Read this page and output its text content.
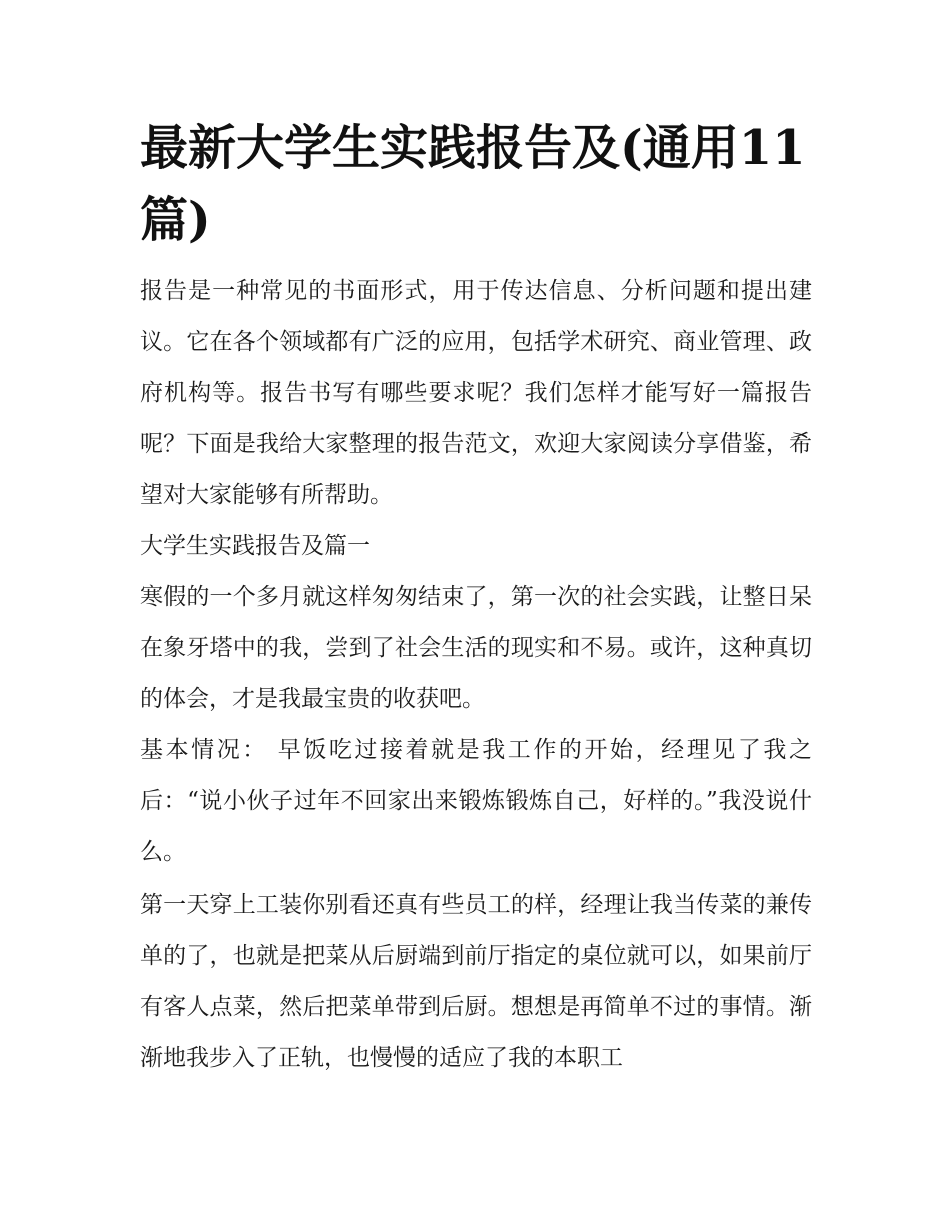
最新大学生实践报告及(通用11篇)

报告是一种常见的书面形式，用于传达信息、分析问题和提出建议。它在各个领域都有广泛的应用，包括学术研究、商业管理、政府机构等。报告书写有哪些要求呢？我们怎样才能写好一篇报告呢？下面是我给大家整理的报告范文，欢迎大家阅读分享借鉴，希望对大家能够有所帮助。

大学生实践报告及篇一

寒假的一个多月就这样匆匆结束了，第一次的社会实践，让整日呆在象牙塔中的我，尝到了社会生活的现实和不易。或许，这种真切的体会，才是我最宝贵的收获吧。

基本情况： 早饭吃过接着就是我工作的开始，经理见了我之后：“说小伙子过年不回家出来锻炼锻炼自己，好样的。”我没说什么。

第一天穿上工装你别看还真有些员工的样，经理让我当传菜的兼传单的了，也就是把菜从后厨端到前厅指定的桌位就可以，如果前厅有客人点菜，然后把菜单带到后厨。想想是再简单不过的事情。渐渐地我步入了正轨，也慢慢的适应了我的本职工
